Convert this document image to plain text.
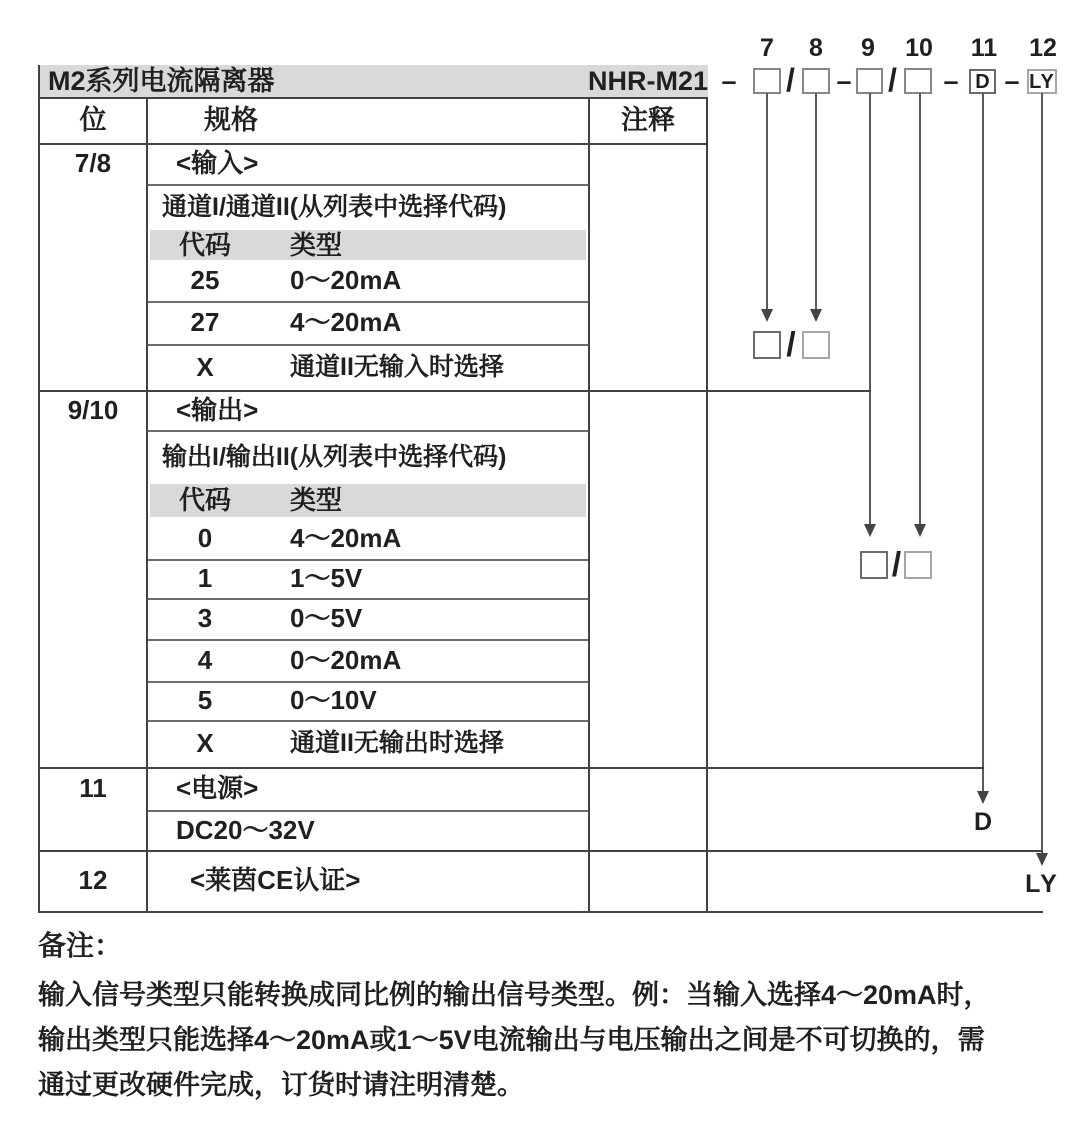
M2系列电流隔离器	NHR-M21
7	8	9	10	11	12
– / – / – D – LY
/
/
D
LY
位	规格	注释
7/8	<输入>
通道I/通道II(从列表中选择代码)
代码	类型
25	0～20mA
27	4～20mA
X	通道II无输入时选择
9/10	<输出>
输出I/输出II(从列表中选择代码)
代码	类型
0	4～20mA
1	1～5V
3	0～5V
4	0～20mA
5	0～10V
X	通道II无输出时选择
11	<电源>
DC20～32V
12	<莱茵CE认证>
备注：
输入信号类型只能转换成同比例的输出信号类型。例：当输入选择4～20mA时，
输出类型只能选择4～20mA或1～5V电流输出与电压输出之间是不可切换的，需
通过更改硬件完成，订货时请注明清楚。
